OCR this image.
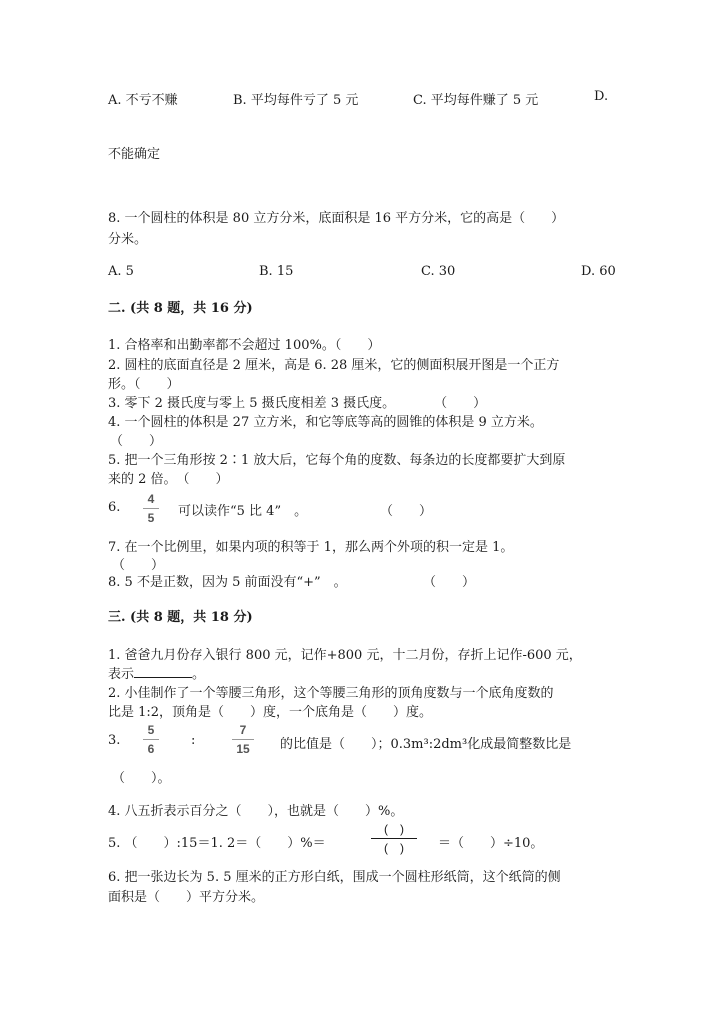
A. 不亏不赚	B. 平均每件亏了 5 元	C. 平均每件赚了 5 元	D.
不能确定
8. 一个圆柱的体积是 80 立方分米，底面积是 16 平方分米，它的高是（　　）
分米。
A. 5	B. 15	C. 30	D. 60
二. (共 8 题，共 16 分)
1. 合格率和出勤率都不会超过 100%。（　　）
2. 圆柱的底面直径是 2 厘米，高是 6. 28 厘米，它的侧面积展开图是一个正方
形。（　　）
3. 零下 2 摄氏度与零上 5 摄氏度相差 3 摄氏度。　　　　（　　）
4. 一个圆柱的体积是 27 立方米，和它等底等高的圆锥的体积是 9 立方米。
（　　）
5. 把一个三角形按 2∶1 放大后，它每个角的度数、每条边的长度都要扩大到原
来的 2 倍。　（　　）
6.
4
5	可以读作“5 比 4”　。	（　　）
7. 在一个比例里，如果内项的积等于 1，那么两个外项的积一定是 1。
（　　）
8. 5 不是正数，因为 5 前面没有“+”　。	（　　）
三. (共 8 题，共 18 分)
1. 爸爸九月份存入银行 800 元，记作+800 元，十二月份，存折上记作-600 元，
表示	。
2. 小佳制作了一个等腰三角形，这个等腰三角形的顶角度数与一个底角度数的
比是 1:2，顶角是（　　）度，一个底角是（　　）度。
3.
5
6
:
7
15	的比值是（　　）；0.3m³:2dm³化成最简整数比是
（　　）。
4. 八五折表示百分之（　　），也就是（　　）%。
5. （　　）:15＝1. 2＝（　　）%＝
(　)
(　)	＝（　　）÷10。
6. 把一张边长为 5. 5 厘米的正方形白纸，围成一个圆柱形纸筒，这个纸筒的侧
面积是（　　）平方分米。
